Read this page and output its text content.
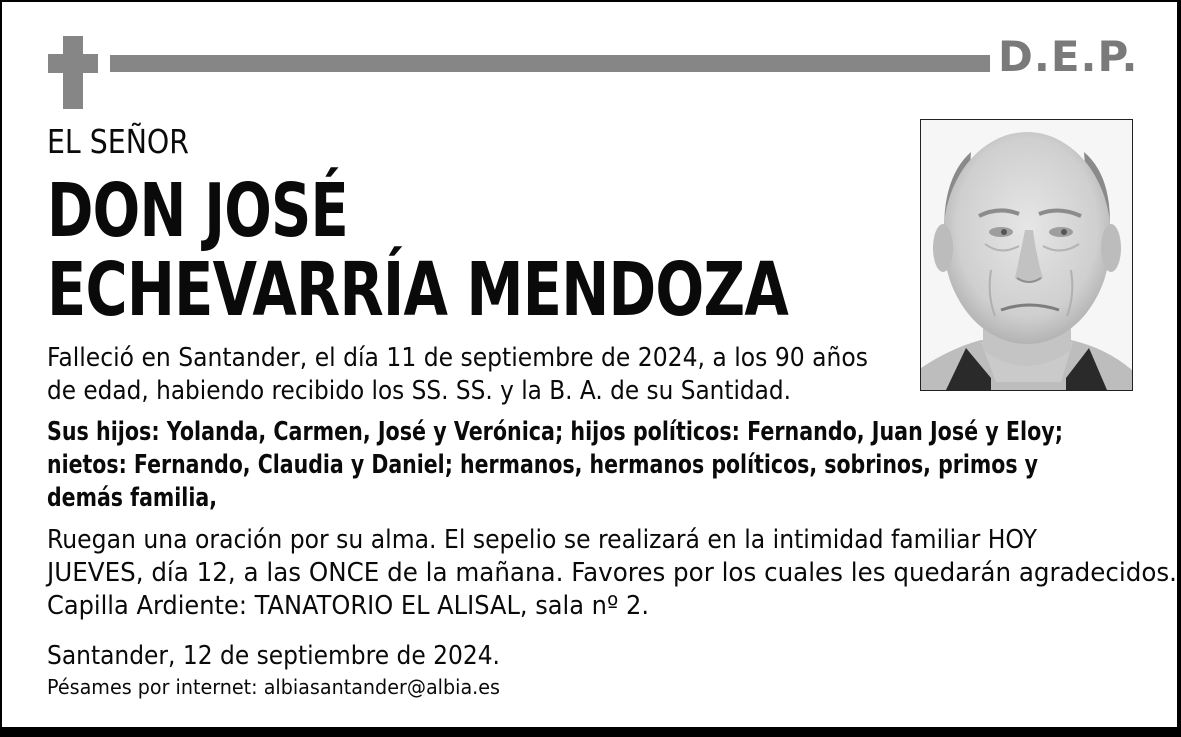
D.E.P.
EL SEÑOR
DON JOSÉ
ECHEVARRÍA MENDOZA
Falleció en Santander, el día 11 de septiembre de 2024, a los 90 años
de edad, habiendo recibido los SS. SS. y la B. A. de su Santidad.
Sus hijos: Yolanda, Carmen, José y Verónica; hijos políticos: Fernando, Juan José y Eloy;
nietos: Fernando, Claudia y Daniel; hermanos, hermanos políticos, sobrinos, primos y
demás familia,
Ruegan una oración por su alma. El sepelio se realizará en la intimidad familiar HOY
JUEVES, día 12, a las ONCE de la mañana. Favores por los cuales les quedarán agradecidos.
Capilla Ardiente: TANATORIO EL ALISAL, sala nº 2.
Santander, 12 de septiembre de 2024.
Pésames por internet: albiasantander@albia.es
